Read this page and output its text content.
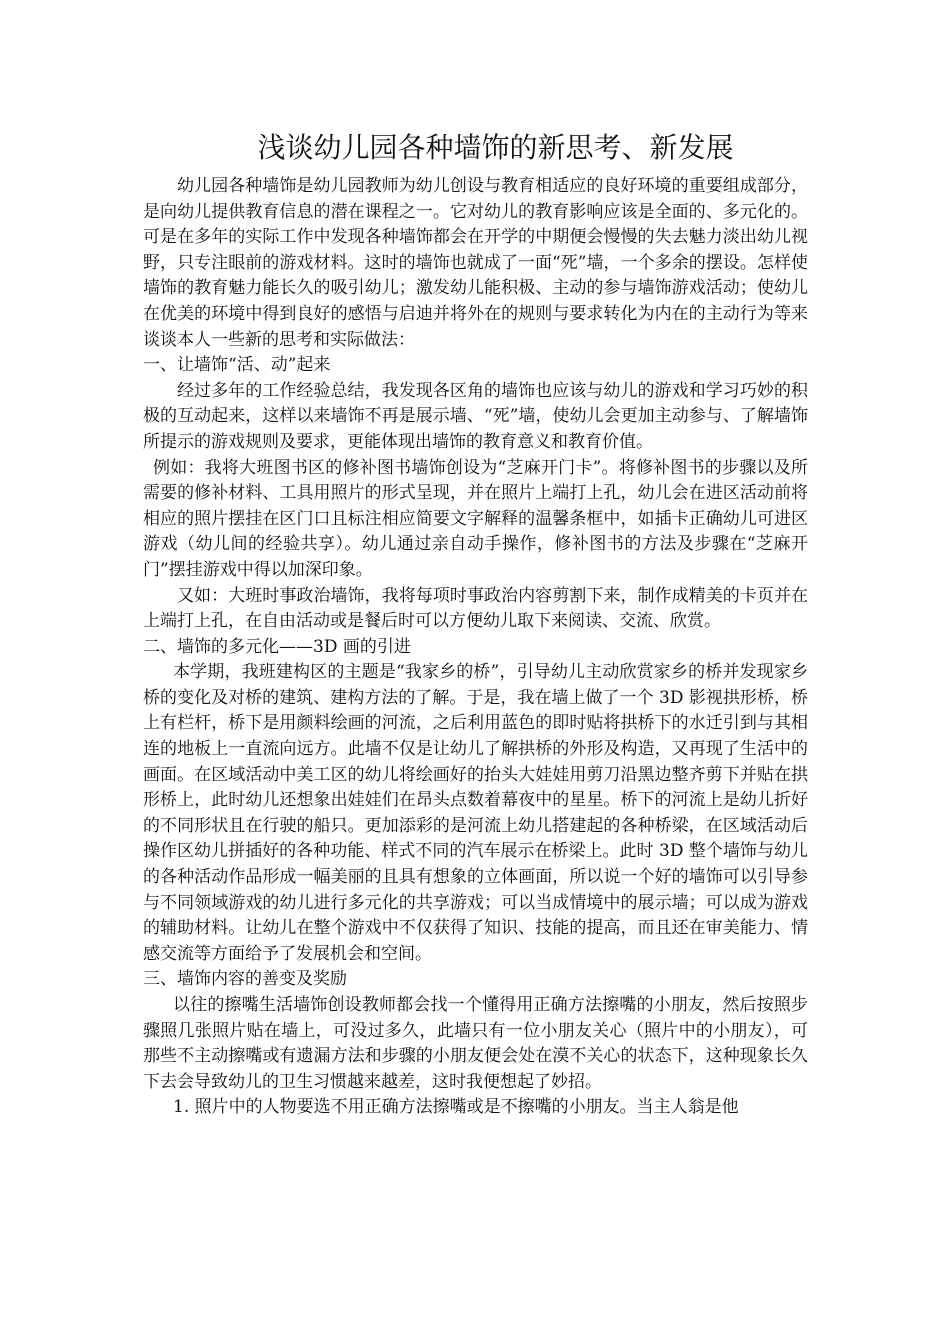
浅谈幼儿园各种墙饰的新思考、新发展

幼儿园各种墙饰是幼儿园教师为幼儿创设与教育相适应的良好环境的重要组成部分，是向幼儿提供教育信息的潜在课程之一。它对幼儿的教育影响应该是全面的、多元化的。可是在多年的实际工作中发现各种墙饰都会在开学的中期便会慢慢的失去魅力淡出幼儿视野，只专注眼前的游戏材料。这时的墙饰也就成了一面“死”墙，一个多余的摆设。怎样使墙饰的教育魅力能长久的吸引幼儿；激发幼儿能积极、主动的参与墙饰游戏活动；使幼儿在优美的环境中得到良好的感悟与启迪并将外在的规则与要求转化为内在的主动行为等来谈谈本人一些新的思考和实际做法：

一、让墙饰“活、动”起来

经过多年的工作经验总结，我发现各区角的墙饰也应该与幼儿的游戏和学习巧妙的积极的互动起来，这样以来墙饰不再是展示墙、“死”墙，使幼儿会更加主动参与、了解墙饰所提示的游戏规则及要求，更能体现出墙饰的教育意义和教育价值。

例如：我将大班图书区的修补图书墙饰创设为“芝麻开门卡”。将修补图书的步骤以及所需要的修补材料、工具用照片的形式呈现，并在照片上端打上孔，幼儿会在进区活动前将相应的照片摆挂在区门口且标注相应简要文字解释的温馨条框中，如插卡正确幼儿可进区游戏（幼儿间的经验共享）。幼儿通过亲自动手操作，修补图书的方法及步骤在“芝麻开门”摆挂游戏中得以加深印象。

又如：大班时事政治墙饰，我将每项时事政治内容剪割下来，制作成精美的卡页并在上端打上孔，在自由活动或是餐后时可以方便幼儿取下来阅读、交流、欣赏。

二、墙饰的多元化——3D 画的引进

本学期，我班建构区的主题是“我家乡的桥”，引导幼儿主动欣赏家乡的桥并发现家乡桥的变化及对桥的建筑、建构方法的了解。于是，我在墙上做了一个 3D 影视拱形桥，桥上有栏杆，桥下是用颜料绘画的河流，之后利用蓝色的即时贴将拱桥下的水迁引到与其相连的地板上一直流向远方。此墙不仅是让幼儿了解拱桥的外形及构造，又再现了生活中的画面。在区域活动中美工区的幼儿将绘画好的抬头大娃娃用剪刀沿黑边整齐剪下并贴在拱形桥上，此时幼儿还想象出娃娃们在昂头点数着幕夜中的星星。桥下的河流上是幼儿折好的不同形状且在行驶的船只。更加添彩的是河流上幼儿搭建起的各种桥梁，在区域活动后操作区幼儿拼插好的各种功能、样式不同的汽车展示在桥梁上。此时 3D 整个墙饰与幼儿的各种活动作品形成一幅美丽的且具有想象的立体画面，所以说一个好的墙饰可以引导参与不同领域游戏的幼儿进行多元化的共享游戏；可以当成情境中的展示墙；可以成为游戏的辅助材料。让幼儿在整个游戏中不仅获得了知识、技能的提高，而且还在审美能力、情感交流等方面给予了发展机会和空间。

三、墙饰内容的善变及奖励

以往的擦嘴生活墙饰创设教师都会找一个懂得用正确方法擦嘴的小朋友，然后按照步骤照几张照片贴在墙上，可没过多久，此墙只有一位小朋友关心（照片中的小朋友），可那些不主动擦嘴或有遗漏方法和步骤的小朋友便会处在漠不关心的状态下，这种现象长久下去会导致幼儿的卫生习惯越来越差，这时我便想起了妙招。

1. 照片中的人物要选不用正确方法擦嘴或是不擦嘴的小朋友。当主人翁是他
